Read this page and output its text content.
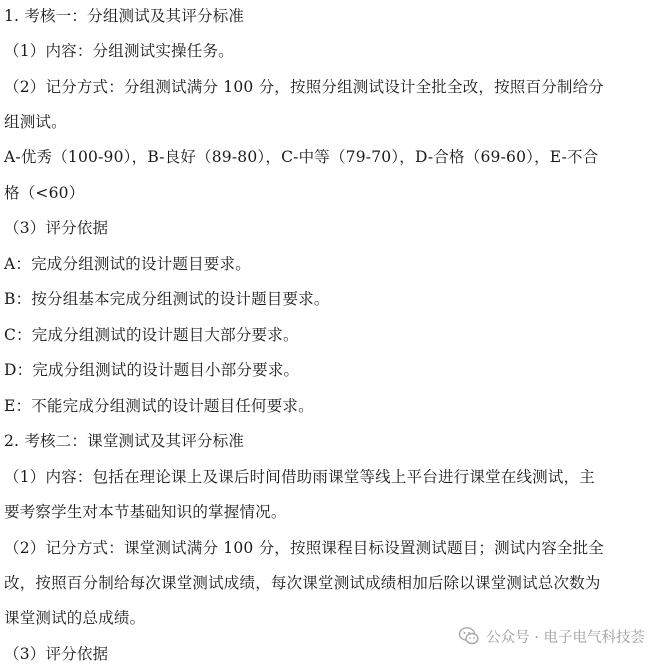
1. 考核一：分组测试及其评分标准
（1）内容：分组测试实操任务。
（2）记分方式：分组测试满分 100 分，按照分组测试设计全批全改，按照百分制给分
组测试。
A-优秀（100-90），B-良好（89-80），C-中等（79-70），D-合格（69-60），E-不合
格（<60）
（3）评分依据
A：完成分组测试的设计题目要求。
B：按分组基本完成分组测试的设计题目要求。
C：完成分组测试的设计题目大部分要求。
D：完成分组测试的设计题目小部分要求。
E：不能完成分组测试的设计题目任何要求。
2. 考核二：课堂测试及其评分标准
（1）内容：包括在理论课上及课后时间借助雨课堂等线上平台进行课堂在线测试，主
要考察学生对本节基础知识的掌握情况。
（2）记分方式：课堂测试满分 100 分，按照课程目标设置测试题目；测试内容全批全
改，按照百分制给每次课堂测试成绩，每次课堂测试成绩相加后除以课堂测试总次数为
课堂测试的总成绩。
（3）评分依据
公众号 · 电子电气科技荟
